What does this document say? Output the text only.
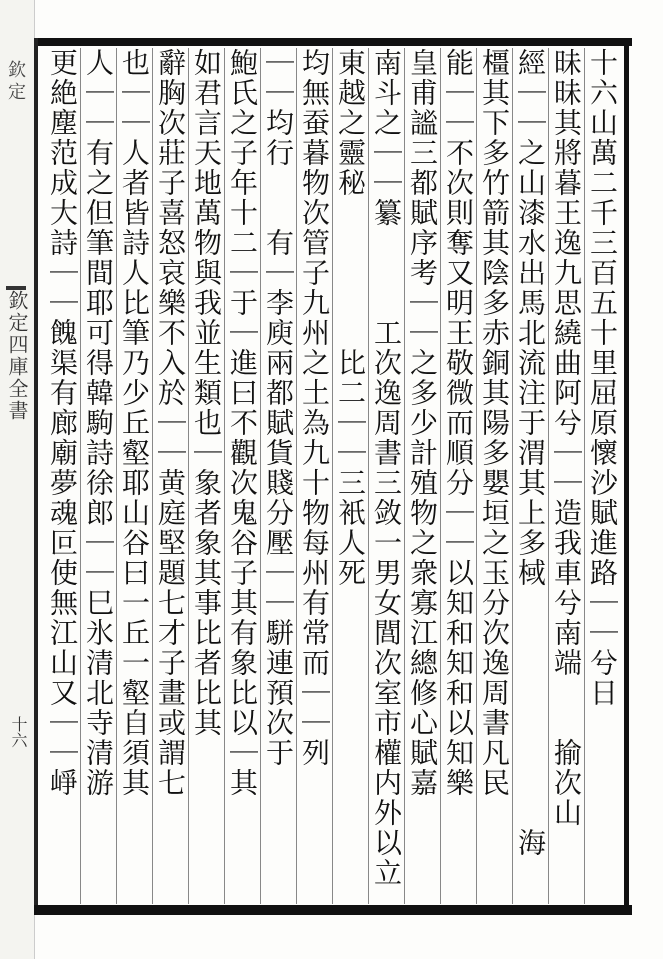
欽定
欽定四庫全書
十六
十六山萬二千三百五十里屈原懷沙賦進路｜｜兮日
昧昧其將暮王逸九思繞曲阿兮｜｜造我車兮南端　　揄次山
經｜｜之山漆水出馬北流注于渭其上多棫　　　　　　　　海
橿其下多竹箭其陰多赤銅其陽多嬰垣之玉分次逸周書凡民
能｜｜不次則奪又明王敬微而順分｜｜以知和知和以知樂
皇甫謐三都賦序考｜｜之多少計殖物之衆寡江總修心賦嘉
南斗之｜｜纂　　　工次逸周書三敛一男女閭次室市權内外以立
東越之靈秘　　　　　比二｜｜三衹人死
均無蚕暮物次管子九州之土為九十物每州有常而｜｜列
｜｜均行　　有｜李庾兩都賦貨賤分壓｜｜駢連預次于
鮑氏之子年十二｜于｜進曰不觀次鬼谷子其有象比以｜其
如君言天地萬物與我並生類也｜象者象其事比者比其
辭胸次莊子喜怒哀樂不入於｜｜黄庭堅題七才子畫或謂七
也｜｜人者皆詩人比筆乃少丘壑耶山谷曰一丘一壑自須其
人｜｜有之但筆間耶可得韓駒詩徐郎｜｜巳氷清北寺清游
更絶塵范成大詩｜｜餽渠有廊廟夢魂叵使無江山又｜｜崢
